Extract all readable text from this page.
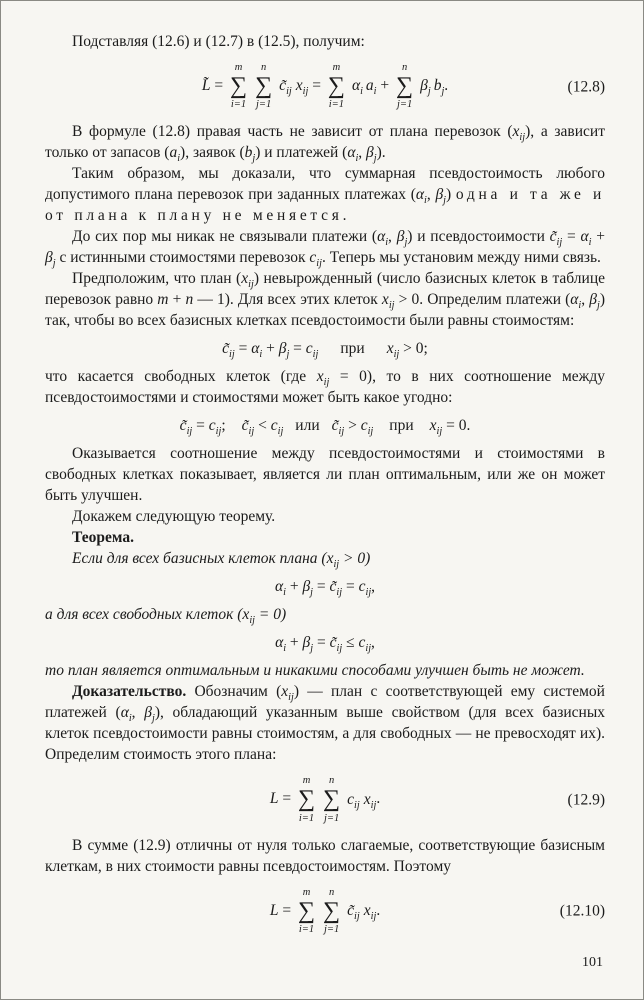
Подставляя (12.6) и (12.7) в (12.5), получим:

L̃ =
m
∑
i=1
n
∑
j=1
$c̃_{ij}$ $x_{ij}$ =
m
∑
i=1
$\alpha_i$ $a_i$ +
n
∑
j=1
$\beta_j$ $b_j$.	(12.8)

В формуле (12.8) правая часть не зависит от плана перевозок $(x_{ij})$, а зависит только от запасов $(a_i)$, заявок $(b_j)$ и платежей ($\alpha_i$, $\beta_j$).

Таким образом, мы доказали, что суммарная псевдостоимость любого допустимого плана перевозок при заданных платежах ($\alpha_i$, $\beta_j$) одна и та же и от плана к плану не меняется.

До сих пор мы никак не связывали платежи ($\alpha_i$, $\beta_j$) и псевдостоимости $c̃_{ij} = \alpha_i + \beta_j$ с истинными стоимостями перевозок $c_{ij}$. Теперь мы установим между ними связь.

Предположим, что план $(x_{ij})$ невырожденный (число базисных клеток в таблице перевозок равно m + n — 1). Для всех этих клеток $x_{ij} > 0$. Определим платежи ($\alpha_i$, $\beta_j$) так, чтобы во всех базисных клетках псевдостоимости были равны стоимостям:

$c̃_{ij} = \alpha_i + \beta_j = c_{ij}$ при $x_{ij} > 0$;

что касается свободных клеток (где $x_{ij} = 0$), то в них соотношение между псевдостоимостями и стоимостями может быть какое угодно:

$c̃_{ij} = c_{ij}$; $c̃_{ij} < c_{ij}$ или $c̃_{ij} > c_{ij}$ при $x_{ij} = 0$.

Оказывается соотношение между псевдостоимостями и стоимостями в свободных клетках показывает, является ли план оптимальным, или же он может быть улучшен.

Докажем следующую теорему.

Теорема.

Если для всех базисных клеток плана $(x_{ij} > 0)$

$\alpha_i + \beta_j$ = $c̃_{ij} = c_{ij}$,

а для всех свободных клеток $(x_{ij} = 0)$

$\alpha_i + \beta_j$ = $c̃_{ij} \le c_{ij}$,

то план является оптимальным и никакими способами улучшен быть не может.

Доказательство. Обозначим $(x_{ij})$ — план с соответствующей ему системой платежей ($\alpha_i$, $\beta_j$), обладающий указанным выше свойством (для всех базисных клеток псевдостоимости равны стоимостям, а для свободных — не превосходят их). Определим стоимость этого плана:

L =
m
∑
i=1
n
∑
j=1
$c_{ij}$ $x_{ij}$.	(12.9)

В сумме (12.9) отличны от нуля только слагаемые, соответствующие базисным клеткам, в них стоимости равны псевдостоимостям. Поэтому

L =
m
∑
i=1
n
∑
j=1
$c̃_{ij}$ $x_{ij}$.	(12.10)
101
